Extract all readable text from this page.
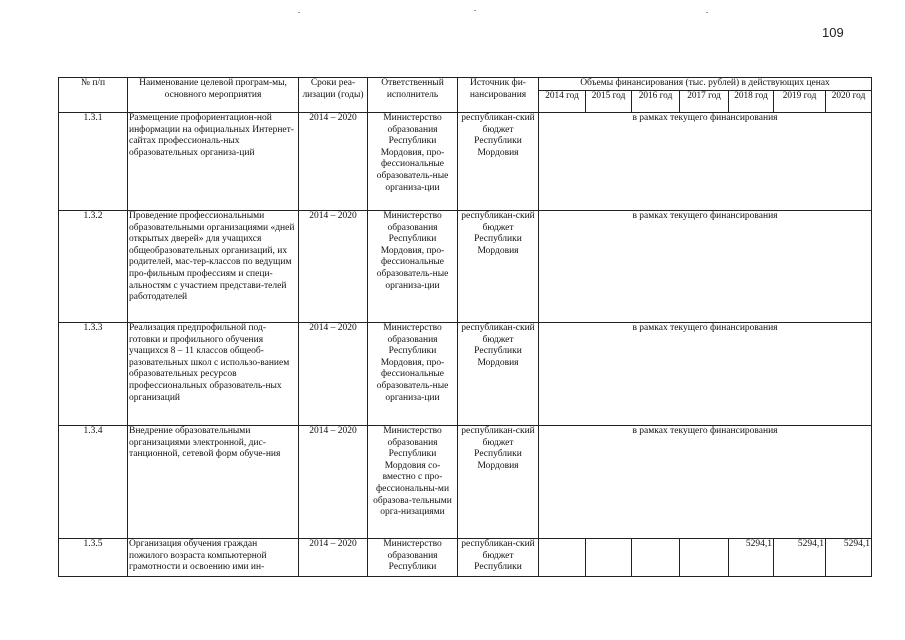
109
№ п/п	Наименование целевой програм-мы, основного мероприятия	Сроки реа-лизации (годы)	Ответственный исполнитель	Источник фи-нансирования	Объемы финансирования (тыс. рублей) в действующих ценах						
					2014 год	2015 год	2016 год	2017 год	2018 год	2019 год	2020 год
1.3.1	Размещение профориентацион-ной информации на официальных Интернет-сайтах профессиональ-ных образовательных организа-ций	2014 – 2020	Министерство образования Республики Мордовия, про-фессиональные образователь-ные организа-ции	республикан-ский бюджет Республики Мордовия	в рамках текущего финансирования						
1.3.2	Проведение профессиональными образовательными организациями «дней открытых дверей» для учащихся общеобразовательных организаций, их родителей, мас-тер-классов по ведущим про-фильным профессиям и специ-альностям с участием представи-телей работодателей	2014 – 2020	Министерство образования Республики Мордовия, про-фессиональные образователь-ные организа-ции	республикан-ский бюджет Республики Мордовия	в рамках текущего финансирования						
1.3.3	Реализация предпрофильной под-готовки и профильного обучения учащихся 8 – 11 классов общеоб-разовательных школ с использо-ванием образовательных ресурсов профессиональных образователь-ных организаций	2014 – 2020	Министерство образования Республики Мордовия, про-фессиональные образователь-ные организа-ции	республикан-ский бюджет Республики Мордовия	в рамках текущего финансирования						
1.3.4	Внедрение образовательными организациями электронной, дис-танционной, сетевой форм обуче-ния	2014 – 2020	Министерство образования Республики Мордовия со-вместно с про-фессиональны-ми образова-тельными орга-низациями	республикан-ский бюджет Республики Мордовия	в рамках текущего финансирования						
1.3.5	Организация обучения граждан пожилого возраста компьютерной грамотности и освоению ими ин-	2014 – 2020	Министерство образования Республики	республикан-ский бюджет Республики					5294,1	5294,1	5294,1
